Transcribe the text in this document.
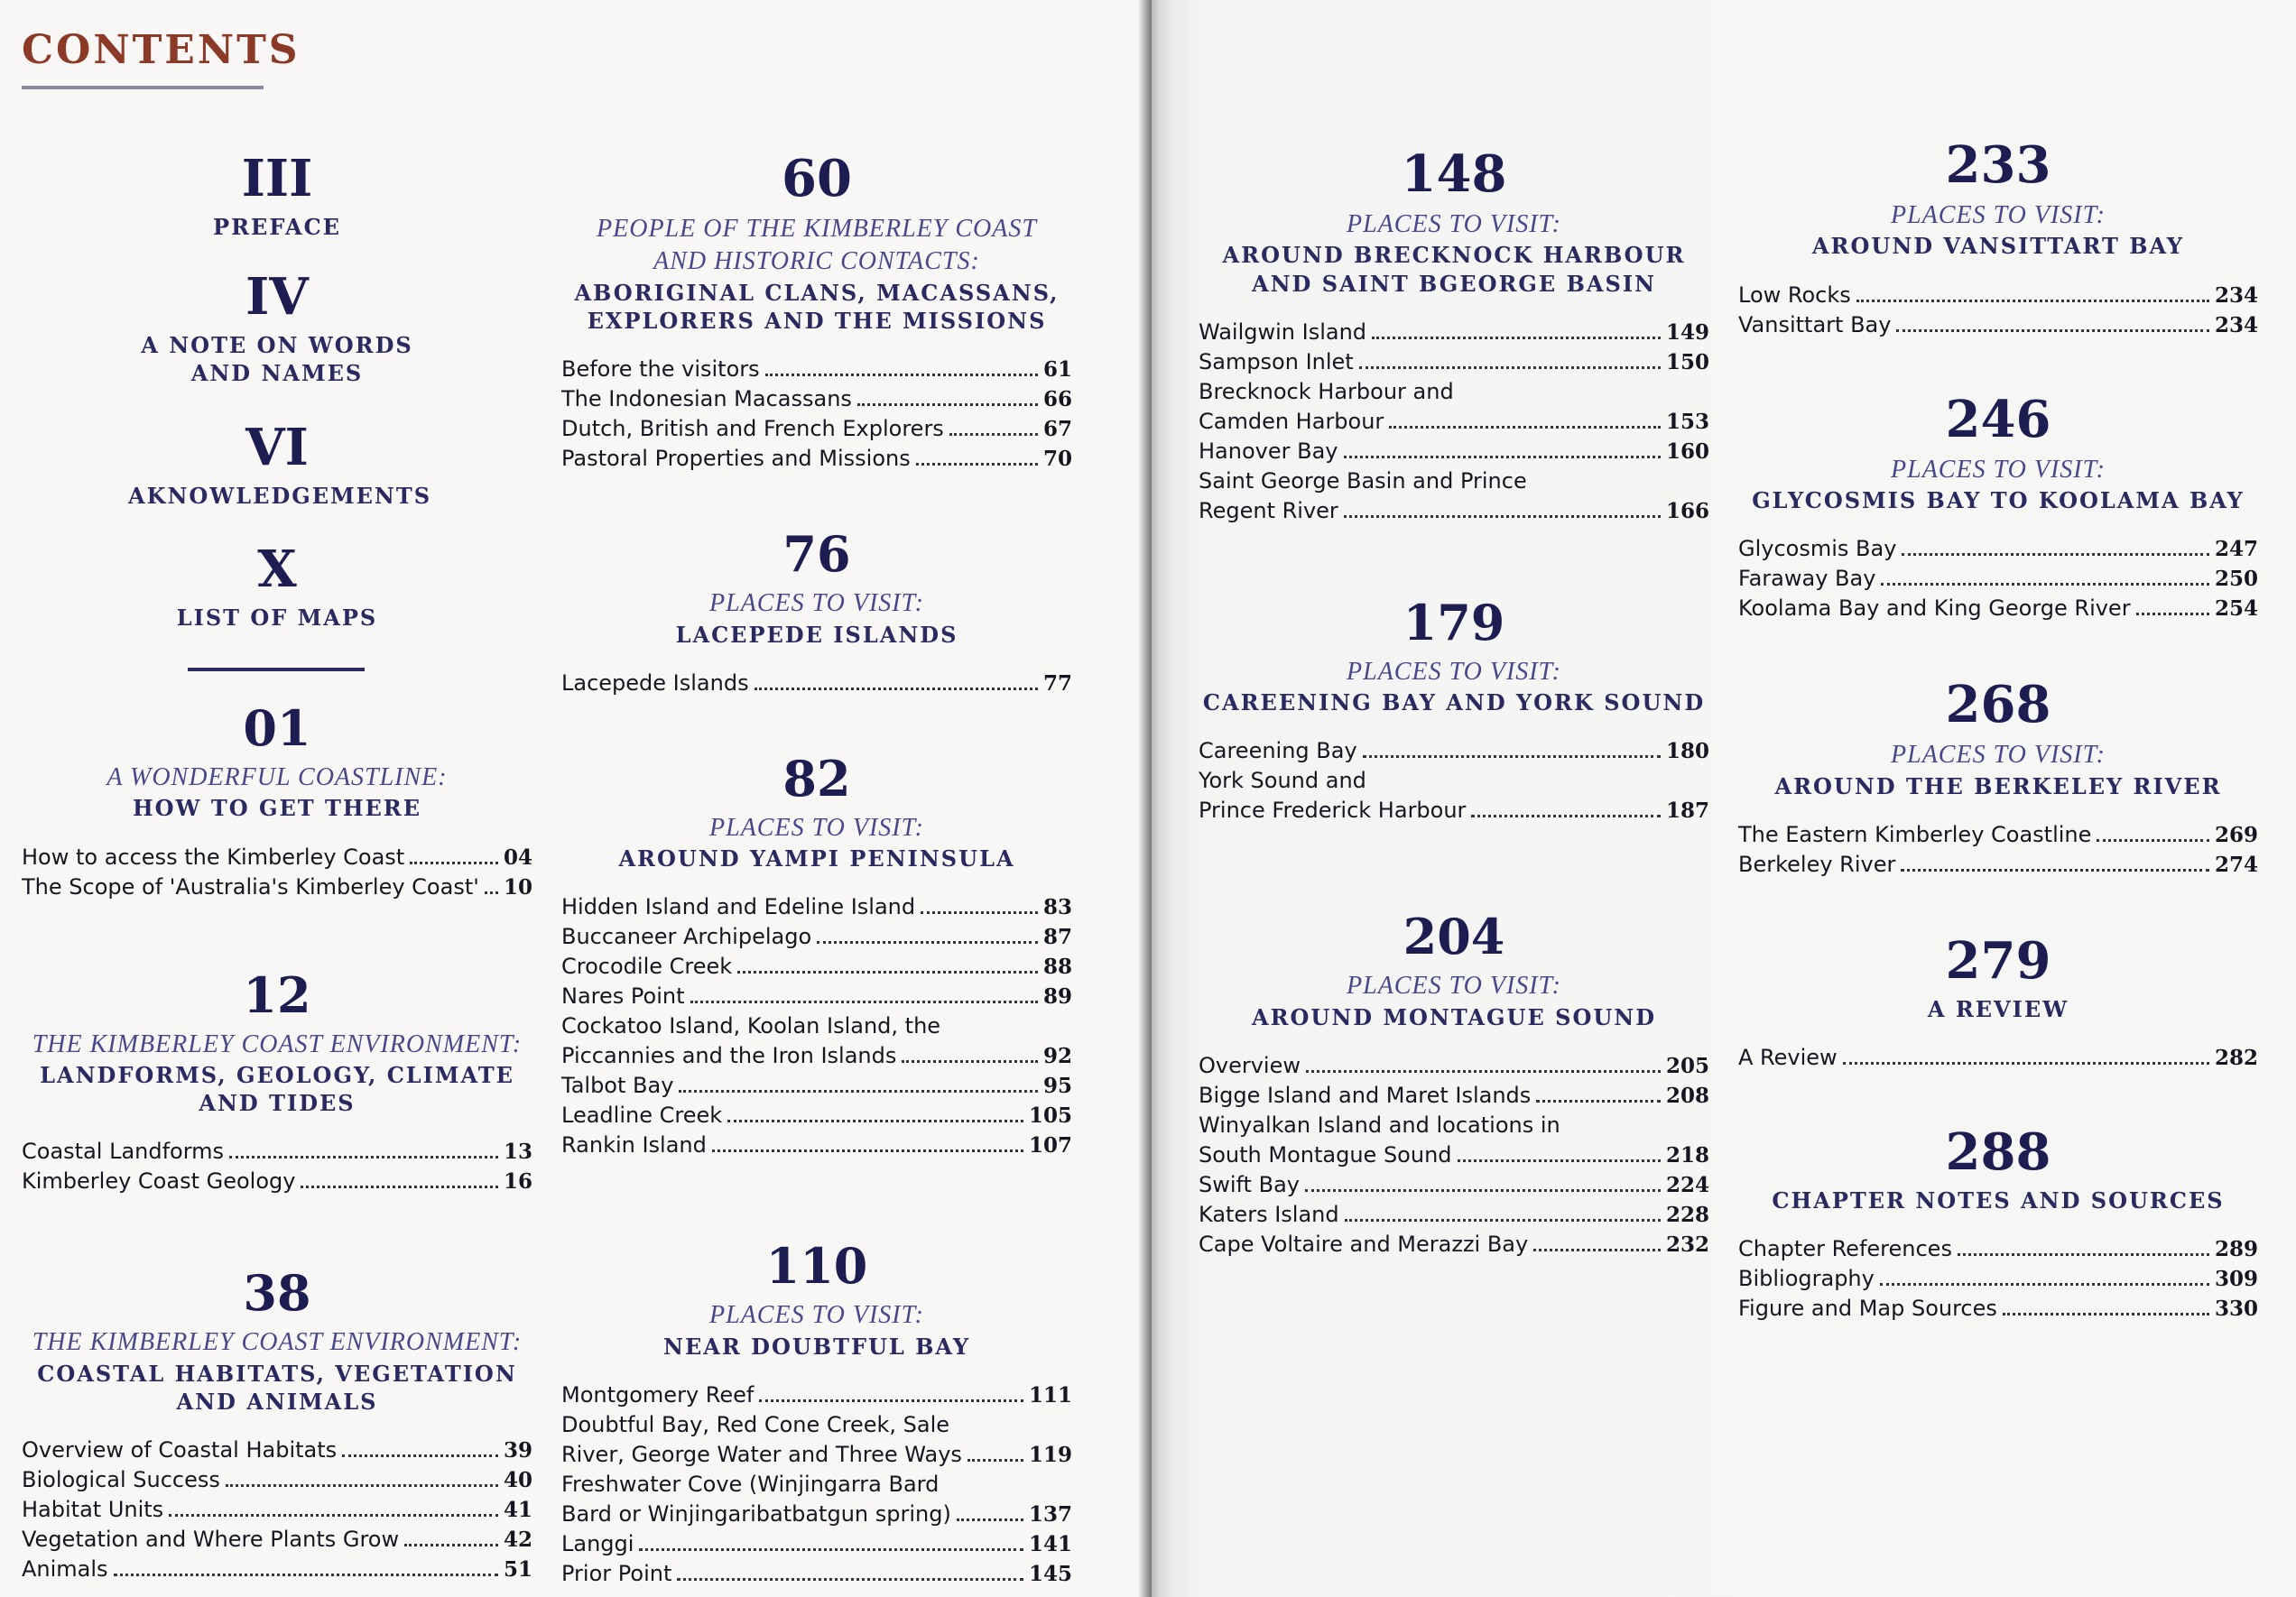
CONTENTS
III
PREFACE
IV
A NOTE ON WORDS AND NAMES
VI
AKNOWLEDGEMENTS
X
LIST OF MAPS
01
A WONDERFUL COASTLINE:
HOW TO GET THERE
How to access the Kimberley Coast	04
The Scope of 'Australia's Kimberley Coast' 10
12
THE KIMBERLEY COAST ENVIRONMENT:
LANDFORMS, GEOLOGY, CLIMATE AND TIDES
Coastal Landforms	13
Kimberley Coast Geology	16
38
THE KIMBERLEY COAST ENVIRONMENT:
COASTAL HABITATS, VEGETATION AND ANIMALS
Overview of Coastal Habitats	39
Biological Success	40
Habitat Units	41
Vegetation and Where Plants Grow	42
Animals	51
60
PEOPLE OF THE KIMBERLEY COAST AND HISTORIC CONTACTS:
ABORIGINAL CLANS, MACASSANS, EXPLORERS AND THE MISSIONS
Before the visitors	61
The Indonesian Macassans	66
Dutch, British and French Explorers	67
Pastoral Properties and Missions	70
76
PLACES TO VISIT:
LACEPEDE ISLANDS
Lacepede Islands	77
82
PLACES TO VISIT:
AROUND YAMPI PENINSULA
Hidden Island and Edeline Island	83
Buccaneer Archipelago	87
Crocodile Creek	88
Nares Point	89
Cockatoo Island, Koolan Island, the
Piccannies and the Iron Islands	92
Talbot Bay	95
Leadline Creek	105
Rankin Island	107
110
PLACES TO VISIT:
NEAR DOUBTFUL BAY
Montgomery Reef	111
Doubtful Bay, Red Cone Creek, Sale
River, George Water and Three Ways	119
Freshwater Cove (Winjingarra Bard
Bard or Winjingaribatbatgun spring)	137
Langgi	141
Prior Point	145
148
PLACES TO VISIT:
AROUND BRECKNOCK HARBOUR AND SAINT BGEORGE BASIN
Wailgwin Island	149
Sampson Inlet	150
Brecknock Harbour and
Camden Harbour	153
Hanover Bay	160
Saint George Basin and Prince
Regent River	166
179
PLACES TO VISIT:
CAREENING BAY AND YORK SOUND
Careening Bay	180
York Sound and
Prince Frederick Harbour	187
204
PLACES TO VISIT:
AROUND MONTAGUE SOUND
Overview	205
Bigge Island and Maret Islands	208
Winyalkan Island and locations in
South Montague Sound	218
Swift Bay	224
Katers Island	228
Cape Voltaire and Merazzi Bay	232
233
PLACES TO VISIT:
AROUND VANSITTART BAY
Low Rocks	234
Vansittart Bay	234
246
PLACES TO VISIT:
GLYCOSMIS BAY TO KOOLAMA BAY
Glycosmis Bay	247
Faraway Bay	250
Koolama Bay and King George River	254
268
PLACES TO VISIT:
AROUND THE BERKELEY RIVER
The Eastern Kimberley Coastline	269
Berkeley River	274
279
A REVIEW
A Review	282
288
CHAPTER NOTES AND SOURCES
Chapter References	289
Bibliography	309
Figure and Map Sources	330
